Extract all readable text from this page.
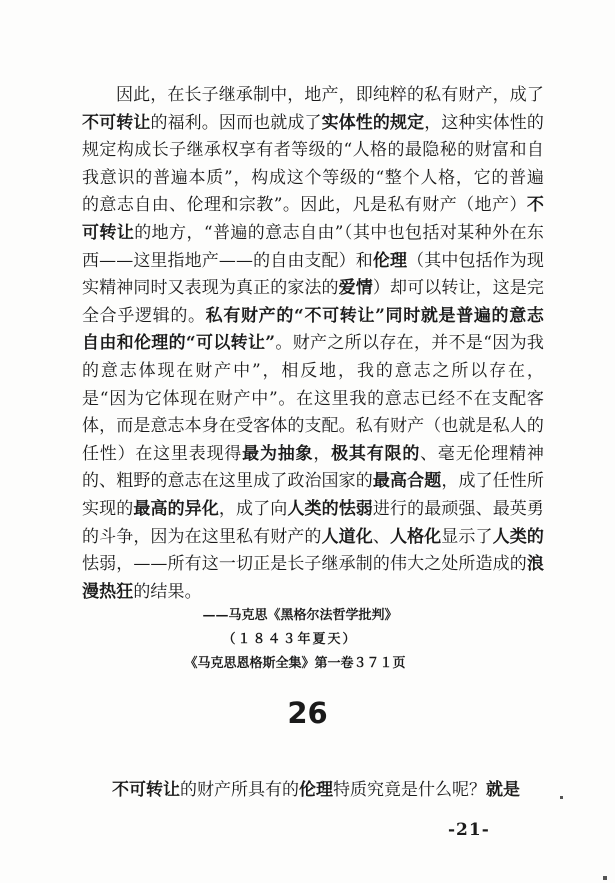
因此，在长子继承制中，地产，即纯粹的私有财产，成了不可转让的福利。因而也就成了实体性的规定，这种实体性的规定构成长子继承权享有者等级的“人格的最隐秘的财富和自我意识的普遍本质”，构成这个等级的“整个人格，它的普遍的意志自由、伦理和宗教”。因此，凡是私有财产（地产）不可转让的地方，“普遍的意志自由”（其中也包括对某种外在东西——这里指地产——的自由支配）和伦理（其中包括作为现实精神同时又表现为真正的家法的爱情）却可以转让，这是完全合乎逻辑的。私有财产的“不可转让”同时就是普遍的意志自由和伦理的“可以转让”。财产之所以存在，并不是“因为我的意志体现在财产中”，相反地，我的意志之所以存在，是“因为它体现在财产中”。在这里我的意志已经不在支配客体，而是意志本身在受客体的支配。私有财产（也就是私人的任性）在这里表现得最为抽象，极其有限的、毫无伦理精神的、粗野的意志在这里成了政治国家的最高合题，成了任性所实现的最高的异化，成了向人类的怯弱进行的最顽强、最英勇的斗争，因为在这里私有财产的人道化、人格化显示了人类的怯弱，——所有这一切正是长子继承制的伟大之处所造成的浪漫热狂的结果。

——马克思《黑格尔法哲学批判》

（１８４３年夏天）

《马克思恩格斯全集》第一卷３７１页

26

不可转让的财产所具有的伦理特质究竟是什么呢？就是

-21-
